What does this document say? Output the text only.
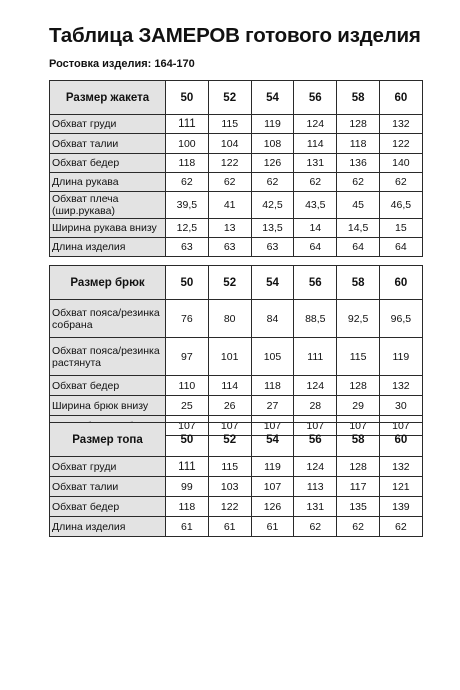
Таблица ЗАМЕРОВ готового изделия
Ростовка изделия: 164-170
Размер жакета	50	52	54	56	58	60
Обхват груди	111	115	119	124	128	132
Обхват талии	100	104	108	114	118	122
Обхват бедер	118	122	126	131	136	140
Длина рукава	62	62	62	62	62	62
Обхват плеча (шир.рукава)	39,5	41	42,5	43,5	45	46,5
Ширина рукава внизу	12,5	13	13,5	14	14,5	15
Длина изделия	63	63	63	64	64	64
Размер брюк	50	52	54	56	58	60
Обхват пояса/резинка собрана	76	80	84	88,5	92,5	96,5
Обхват пояса/резинка растянута	97	101	105	111	115	119
Обхват бедер	110	114	118	124	128	132
Ширина брюк внизу	25	26	27	28	29	30
	107	107	107	107	107	107
Размер топа	50	52	54	56	58	60
Обхват груди	111	115	119	124	128	132
Обхват талии	99	103	107	113	117	121
Обхват бедер	118	122	126	131	135	139
Длина изделия	61	61	61	62	62	62
